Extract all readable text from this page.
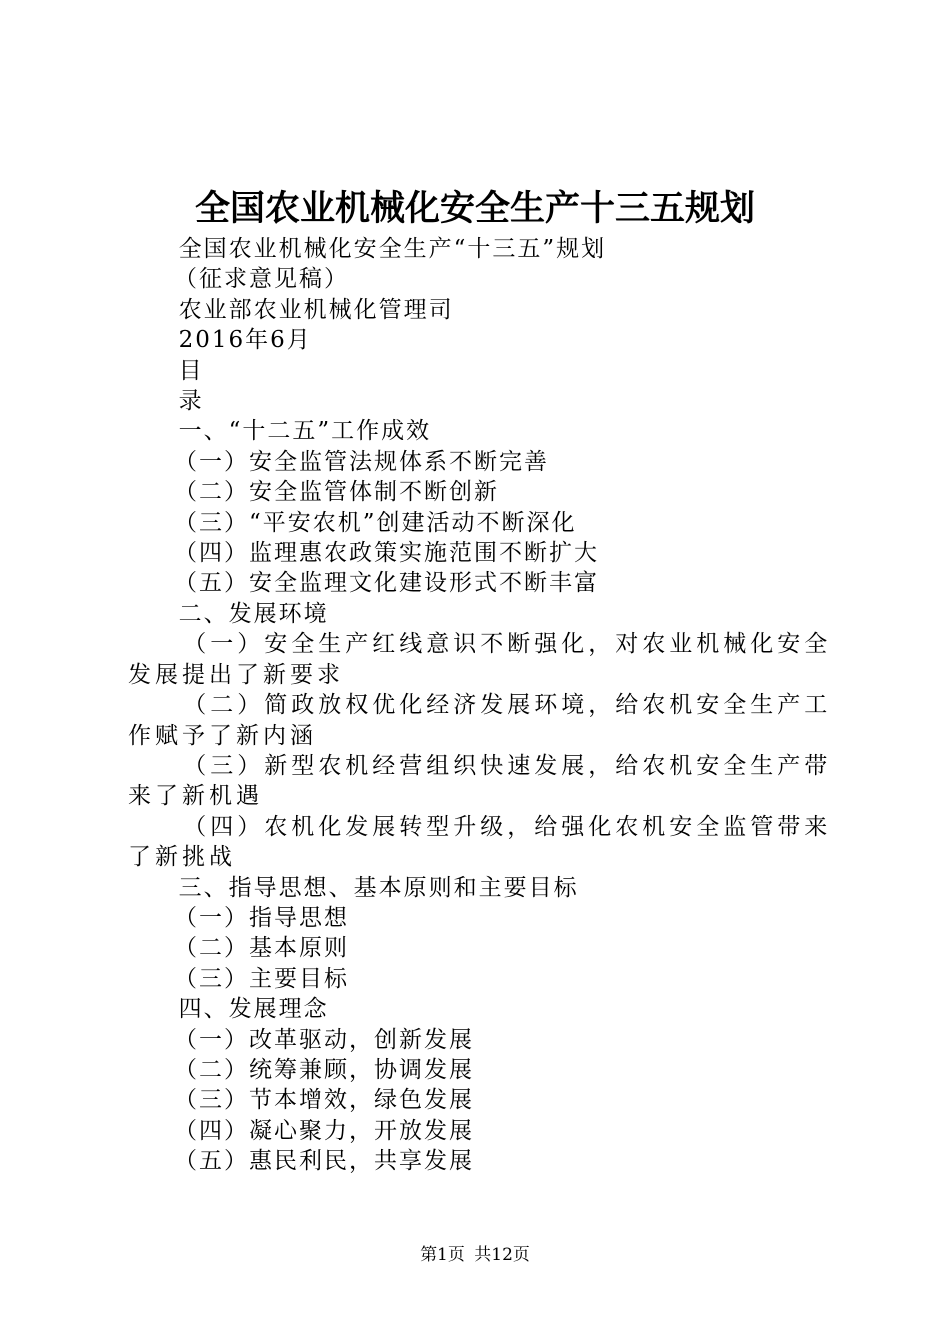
全国农业机械化安全生产十三五规划

全国农业机械化安全生产“十三五”规划

（征求意见稿）

农业部农业机械化管理司

2016年6月

目

录

一、“十二五”工作成效

（一）安全监管法规体系不断完善

（二）安全监管体制不断创新

（三）“平安农机”创建活动不断深化

（四）监理惠农政策实施范围不断扩大

（五）安全监理文化建设形式不断丰富

二、发展环境

（一）安全生产红线意识不断强化，对农业机械化安全发展提出了新要求

（二）简政放权优化经济发展环境，给农机安全生产工作赋予了新内涵

（三）新型农机经营组织快速发展，给农机安全生产带来了新机遇

（四）农机化发展转型升级，给强化农机安全监管带来了新挑战

三、指导思想、基本原则和主要目标

（一）指导思想

（二）基本原则

（三）主要目标

四、发展理念

（一）改革驱动，创新发展

（二）统筹兼顾，协调发展

（三）节本增效，绿色发展

（四）凝心聚力，开放发展

（五）惠民利民，共享发展

第1页 共12页
